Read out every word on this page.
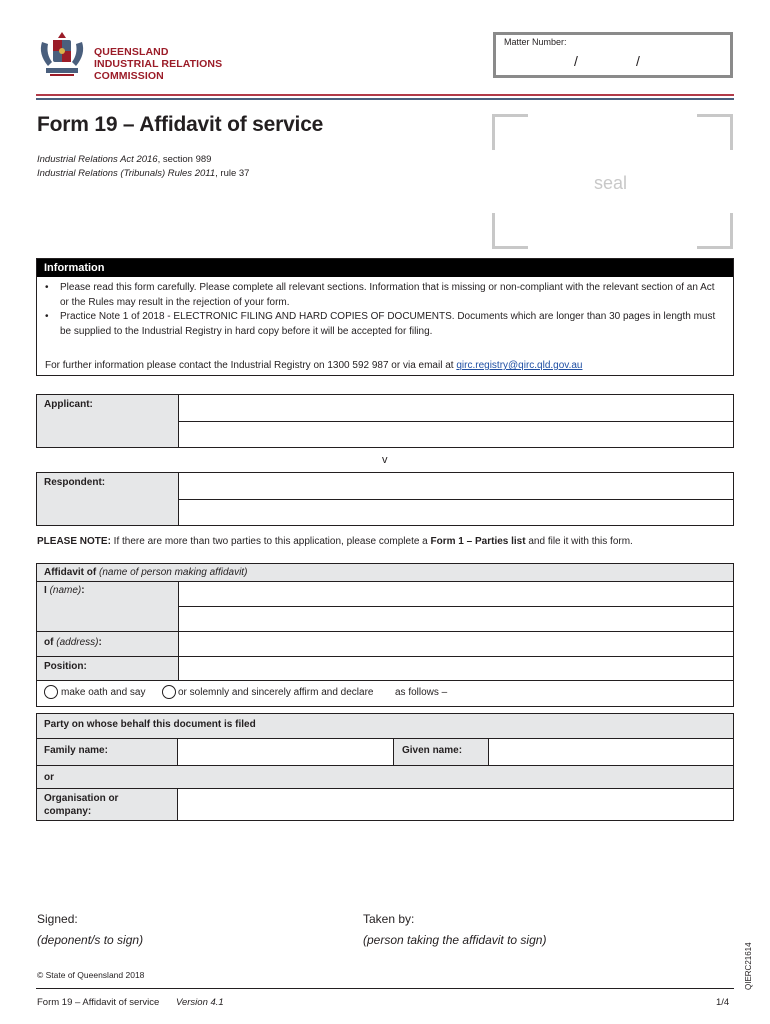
QUEENSLAND
INDUSTRIAL RELATIONS
COMMISSION
Matter Number:
/	/
Form 19 – Affidavit of service
Industrial Relations Act 2016, section 989
Industrial Relations (Tribunals) Rules 2011, rule 37	seal
Information
•	Please read this form carefully. Please complete all relevant sections. Information that is missing or non-compliant with the relevant section of an Act or the Rules may result in the rejection of your form.
•	Practice Note 1 of 2018 - ELECTRONIC FILING AND HARD COPIES OF DOCUMENTS. Documents which are longer than 30 pages in length must be supplied to the Industrial Registry in hard copy before it will be accepted for filing.
For further information please contact the Industrial Registry on 1300 592 987 or via email at qirc.registry@qirc.qld.gov.au
Applicant:
v
Respondent:
PLEASE NOTE: If there are more than two parties to this application, please complete a Form 1 – Parties list and file it with this form.
Affidavit of (name of person making affidavit)
I (name):
of (address):
Position:
make oath and say	or solemnly and sincerely affirm and declare as follows –
Party on whose behalf this document is filed
Family name:	Given name:
or
Organisation or
company:
Signed:
(deponent/s to sign)
Taken by:
(person taking the affidavit to sign)
QIERC21614
© State of Queensland 2018
Form 19 – Affidavit of service Version 4.1	1/4
